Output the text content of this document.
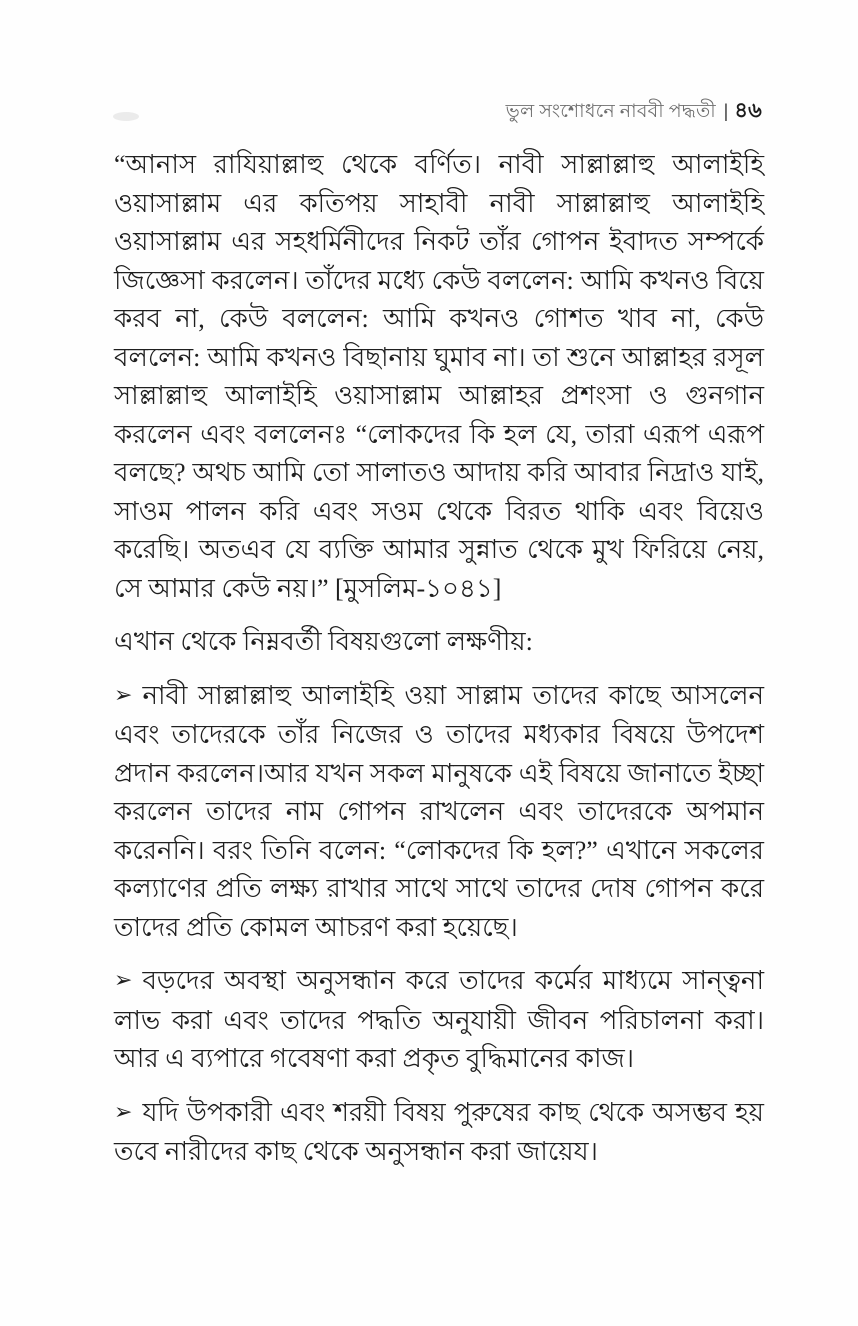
ভুল সংশোধনে নাববী পদ্ধতী | ৪৬

“আনাস রাযিয়াল্লাহু থেকে বর্ণিত। নাবী সাল্লাল্লাহু আলাইহি ওয়াসাল্লাম এর কতিপয় সাহাবী নাবী সাল্লাল্লাহু আলাইহি ওয়াসাল্লাম এর সহধর্মিনীদের নিকট তাঁর গোপন ইবাদত সম্পর্কে জিজ্ঞেসা করলেন। তাঁদের মধ্যে কেউ বললেন: আমি কখনও বিয়ে করব না, কেউ বললেন: আমি কখনও গোশত খাব না, কেউ বললেন: আমি কখনও বিছানায় ঘুমাব না। তা শুনে আল্লাহর রসূল সাল্লাল্লাহু আলাইহি ওয়াসাল্লাম আল্লাহর প্রশংসা ও গুনগান করলেন এবং বললেনঃ “লোকদের কি হল যে, তারা এরূপ এরূপ বলছে? অথচ আমি তো সালাতও আদায় করি আবার নিদ্রাও যাই, সাওম পালন করি এবং সওম থেকে বিরত থাকি এবং বিয়েও করেছি। অতএব যে ব্যক্তি আমার সুন্নাত থেকে মুখ ফিরিয়ে নেয়, সে আমার কেউ নয়।” [মুসলিম-১০৪১]

এখান থেকে নিম্নবর্তী বিষয়গুলো লক্ষণীয়:

➢ নাবী সাল্লাল্লাহু আলাইহি ওয়া সাল্লাম তাদের কাছে আসলেন এবং তাদেরকে তাঁর নিজের ও তাদের মধ্যকার বিষয়ে উপদেশ প্রদান করলেন।আর যখন সকল মানুষকে এই বিষয়ে জানাতে ইচ্ছা করলেন তাদের নাম গোপন রাখলেন এবং তাদেরকে অপমান করেননি। বরং তিনি বলেন: “লোকদের কি হল?” এখানে সকলের কল্যাণের প্রতি লক্ষ্য রাখার সাথে সাথে তাদের দোষ গোপন করে তাদের প্রতি কোমল আচরণ করা হয়েছে।

➢ বড়দের অবস্থা অনুসন্ধান করে তাদের কর্মের মাধ্যমে সান্ত্বনা লাভ করা এবং তাদের পদ্ধতি অনুযায়ী জীবন পরিচালনা করা।আর এ ব্যপারে গবেষণা করা প্রকৃত বুদ্ধিমানের কাজ।

➢ যদি উপকারী এবং শরয়ী বিষয় পুরুষের কাছ থেকে অসম্ভব হয় তবে নারীদের কাছ থেকে অনুসন্ধান করা জায়েয।
